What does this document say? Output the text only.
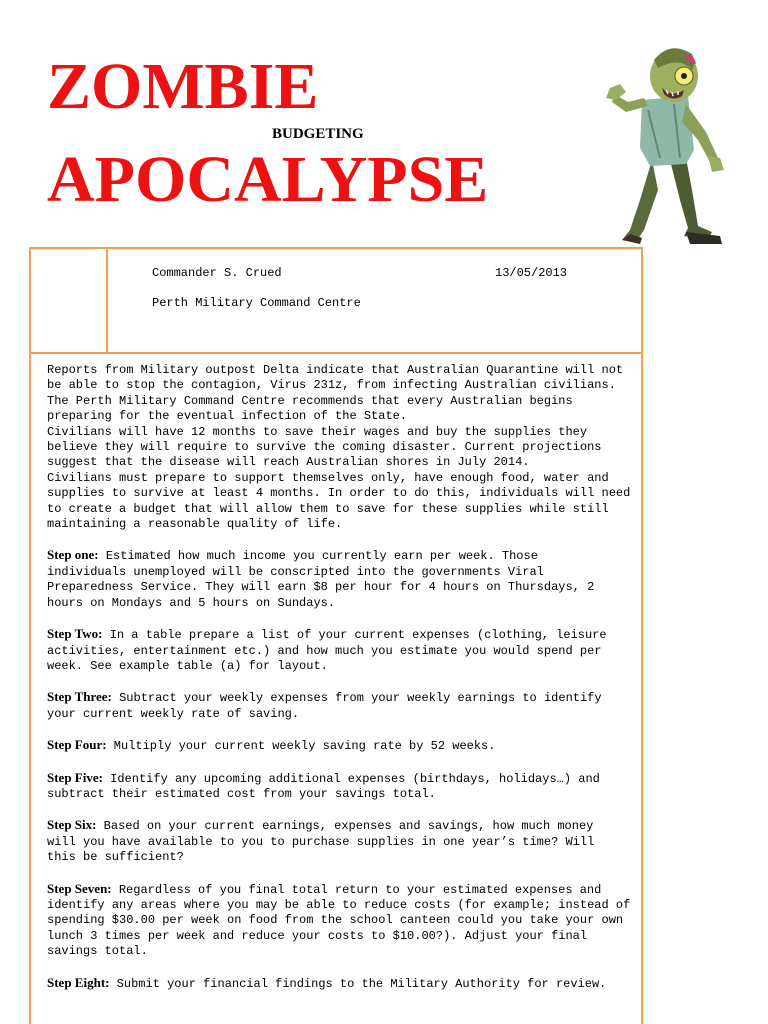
ZOMBIE
BUDGETING
APOCALYPSE
Commander S. Crued	13/05/2013
Perth Military Command Centre

Reports from Military outpost Delta indicate that Australian Quarantine will not

be able to stop the contagion, Virus 231z, from infecting Australian civilians.

The Perth Military Command Centre recommends that every Australian begins

preparing for the eventual infection of the State.

Civilians will have 12 months to save their wages and buy the supplies they

believe they will require to survive the coming disaster. Current projections

suggest that the disease will reach Australian shores in July 2014.

Civilians must prepare to support themselves only, have enough food, water and

supplies to survive at least 4 months. In order to do this, individuals will need

to create a budget that will allow them to save for these supplies while still

maintaining a reasonable quality of life.

Step one: Estimated how much income you currently earn per week. Those

individuals unemployed will be conscripted into the governments Viral

Preparedness Service. They will earn $8 per hour for 4 hours on Thursdays, 2

hours on Mondays and 5 hours on Sundays.

Step Two: In a table prepare a list of your current expenses (clothing, leisure

activities, entertainment etc.) and how much you estimate you would spend per

week. See example table (a) for layout.

Step Three: Subtract your weekly expenses from your weekly earnings to identify

your current weekly rate of saving.

Step Four: Multiply your current weekly saving rate by 52 weeks.

Step Five: Identify any upcoming additional expenses (birthdays, holidays…) and

subtract their estimated cost from your savings total.

Step Six: Based on your current earnings, expenses and savings, how much money

will you have available to you to purchase supplies in one year’s time? Will

this be sufficient?

Step Seven: Regardless of you final total return to your estimated expenses and

identify any areas where you may be able to reduce costs (for example; instead of

spending $30.00 per week on food from the school canteen could you take your own

lunch 3 times per week and reduce your costs to $10.00?). Adjust your final

savings total.

Step Eight: Submit your financial findings to the Military Authority for review.
